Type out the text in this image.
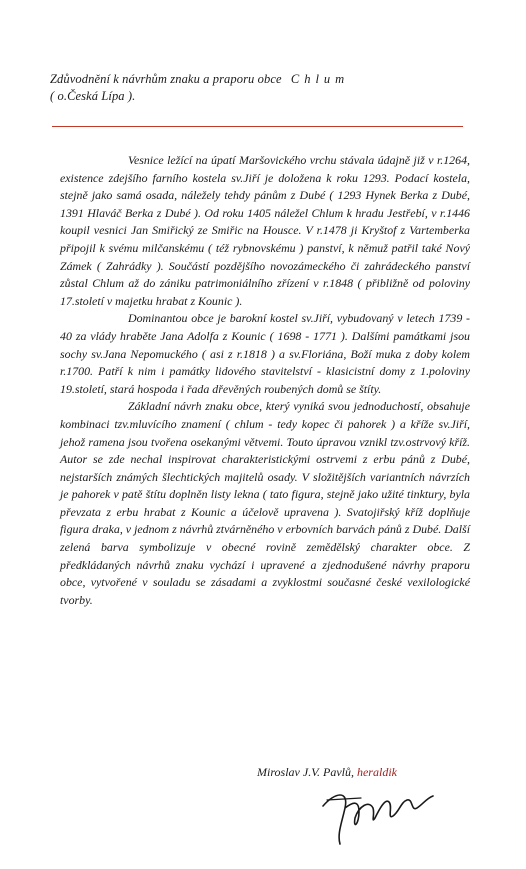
Zdůvodnění k návrhům znaku a praporu obce Chlum
( o.Česká Lípa ).

Vesnice ležící na úpatí Maršovického vrchu stávala údajně již v r.1264, existence zdejšího farního kostela sv.Jiří je doložena k roku 1293. Podací kostela, stejně jako samá osada, náležely tehdy pánům z Dubé ( 1293 Hynek Berka z Dubé, 1391 Hlaváč Berka z Dubé ). Od roku 1405 náležel Chlum k hradu Jestřebí, v r.1446 koupil vesnici Jan Smiřický ze Smiřic na Housce. V r.1478 ji Kryštof z Vartemberka připojil k svému milčanskému ( též rybnovskému ) panství, k němuž patřil také Nový Zámek ( Zahrádky ). Součástí pozdějšího novozámeckého či zahrádeckého panství zůstal Chlum až do zániku patrimoniálního zřízení v r.1848 ( přibližně od poloviny 17.století v majetku hrabat z Kounic ).

Dominantou obce je barokní kostel sv.Jiří, vybudovaný v letech 1739 - 40 za vlády hraběte Jana Adolfa z Kounic ( 1698 - 1771 ). Dalšími památkami jsou sochy sv.Jana Nepomuckého ( asi z r.1818 ) a sv.Floriána, Boží muka z doby kolem r.1700. Patří k nim i památky lidového stavitelství - klasicistní domy z 1.poloviny 19.století, stará hospoda i řada dřevěných roubených domů se štíty.

Základní návrh znaku obce, který vyniká svou jednoduchostí, obsahuje kombinaci tzv.mluvícího znamení ( chlum - tedy kopec či pahorek ) a kříže sv.Jiří, jehož ramena jsou tvořena osekanými větvemi. Touto úpravou vznikl tzv.ostrvový kříž. Autor se zde nechal inspirovat charakteristickými ostrvemi z erbu pánů z Dubé, nejstarších známých šlechtických majitelů osady. V složitějších variantních návrzích je pahorek v patě štítu doplněn listy lekna ( tato figura, stejně jako užité tinktury, byla převzata z erbu hrabat z Kounic a účelově upravena ). Svatojiřský kříž doplňuje figura draka, v jednom z návrhů ztvárněného v erbovních barvách pánů z Dubé. Další zelená barva symbolizuje v obecné rovině zemědělský charakter obce. Z předkládaných návrhů znaku vychází i upravené a zjednodušené návrhy praporu obce, vytvořené v souladu se zásadami a zvyklostmi současné české vexilologické tvorby.

Miroslav J.V. Pavlů, heraldik
